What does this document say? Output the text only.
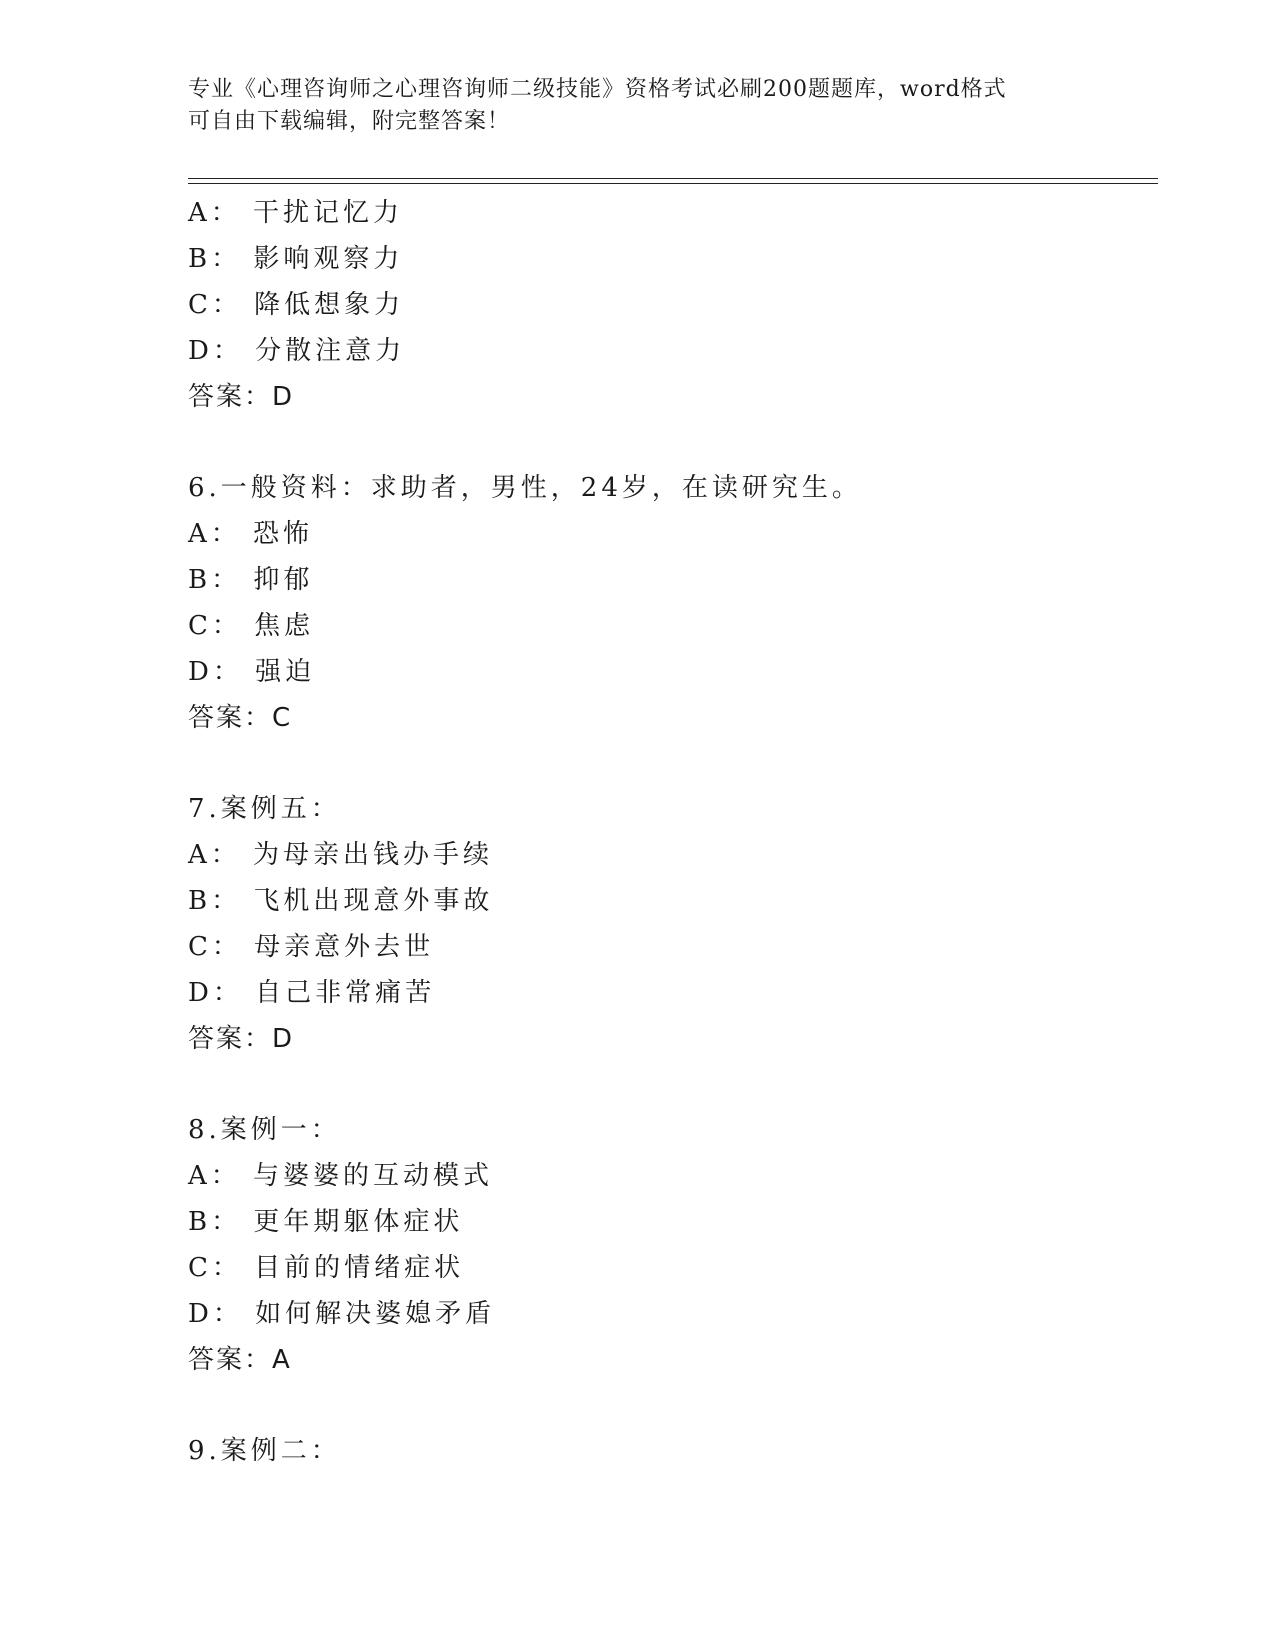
专业《心理咨询师之心理咨询师二级技能》资格考试必刷200题题库，word格式
可自由下载编辑，附完整答案！
A： 干扰记忆力
B： 影响观察力
C： 降低想象力
D： 分散注意力
答案：D
6.一般资料：求助者，男性，24岁，在读研究生。
A： 恐怖
B： 抑郁
C： 焦虑
D： 强迫
答案：C
7.案例五：
A： 为母亲出钱办手续
B： 飞机出现意外事故
C： 母亲意外去世
D： 自己非常痛苦
答案：D
8.案例一：
A： 与婆婆的互动模式
B： 更年期躯体症状
C： 目前的情绪症状
D： 如何解决婆媳矛盾
答案：A
9.案例二：
